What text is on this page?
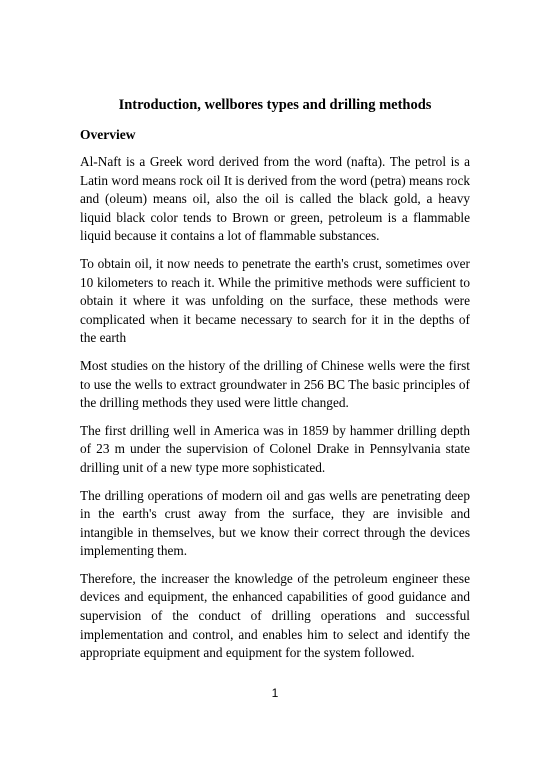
Introduction, wellbores types and drilling methods
Overview

Al-Naft is a Greek word derived from the word (nafta). The petrol is a Latin word means rock oil It is derived from the word (petra) means rock and (oleum) means oil, also the oil is called the black gold, a heavy liquid black color tends to Brown or green, petroleum is a flammable liquid because it contains a lot of flammable substances.

To obtain oil, it now needs to penetrate the earth's crust, sometimes over 10 kilometers to reach it. While the primitive methods were sufficient to obtain it where it was unfolding on the surface, these methods were complicated when it became necessary to search for it in the depths of the earth

Most studies on the history of the drilling of Chinese wells were the first to use the wells to extract groundwater in 256 BC The basic principles of the drilling methods they used were little changed.

The first drilling well in America was in 1859 by hammer drilling depth of 23 m under the supervision of Colonel Drake in Pennsylvania state drilling unit of a new type more sophisticated.

The drilling operations of modern oil and gas wells are penetrating deep in the earth's crust away from the surface, they are invisible and intangible in themselves, but we know their correct through the devices implementing them.

Therefore, the increaser the knowledge of the petroleum engineer these devices and equipment, the enhanced capabilities of good guidance and supervision of the conduct of drilling operations and successful implementation and control, and enables him to select and identify the appropriate equipment and equipment for the system followed.

1
